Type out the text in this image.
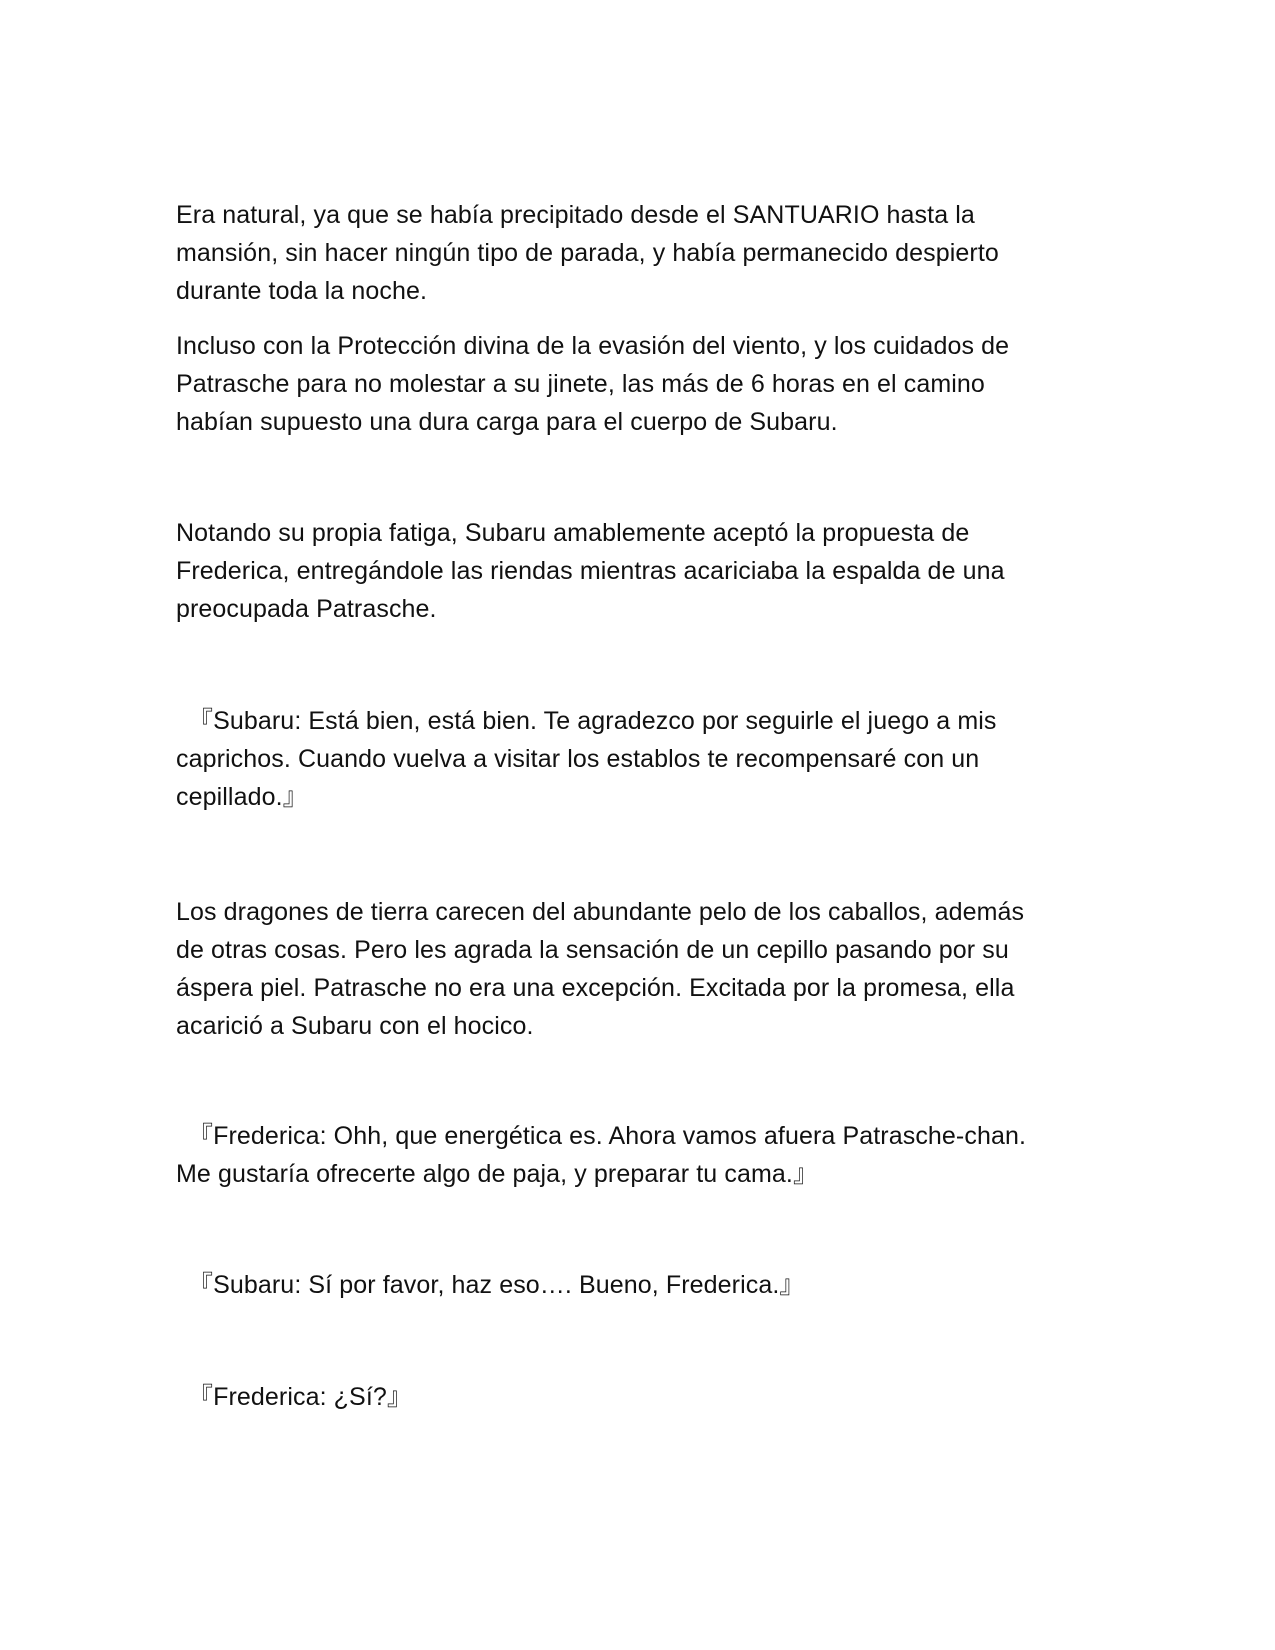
Era natural, ya que se había precipitado desde el SANTUARIO hasta la
mansión, sin hacer ningún tipo de parada, y había permanecido despierto
durante toda la noche.

Incluso con la Protección divina de la evasión del viento, y los cuidados de
Patrasche para no molestar a su jinete, las más de 6 horas en el camino
habían supuesto una dura carga para el cuerpo de Subaru.

Notando su propia fatiga, Subaru amablemente aceptó la propuesta de
Frederica, entregándole las riendas mientras acariciaba la espalda de una
preocupada Patrasche.

『Subaru: Está bien, está bien. Te agradezco por seguirle el juego a mis
caprichos. Cuando vuelva a visitar los establos te recompensaré con un
cepillado.』

Los dragones de tierra carecen del abundante pelo de los caballos, además
de otras cosas. Pero les agrada la sensación de un cepillo pasando por su
áspera piel. Patrasche no era una excepción. Excitada por la promesa, ella
acarició a Subaru con el hocico.

『Frederica: Ohh, que energética es. Ahora vamos afuera Patrasche-chan.
Me gustaría ofrecerte algo de paja, y preparar tu cama.』

『Subaru: Sí por favor, haz eso…. Bueno, Frederica.』

『Frederica: ¿Sí?』
